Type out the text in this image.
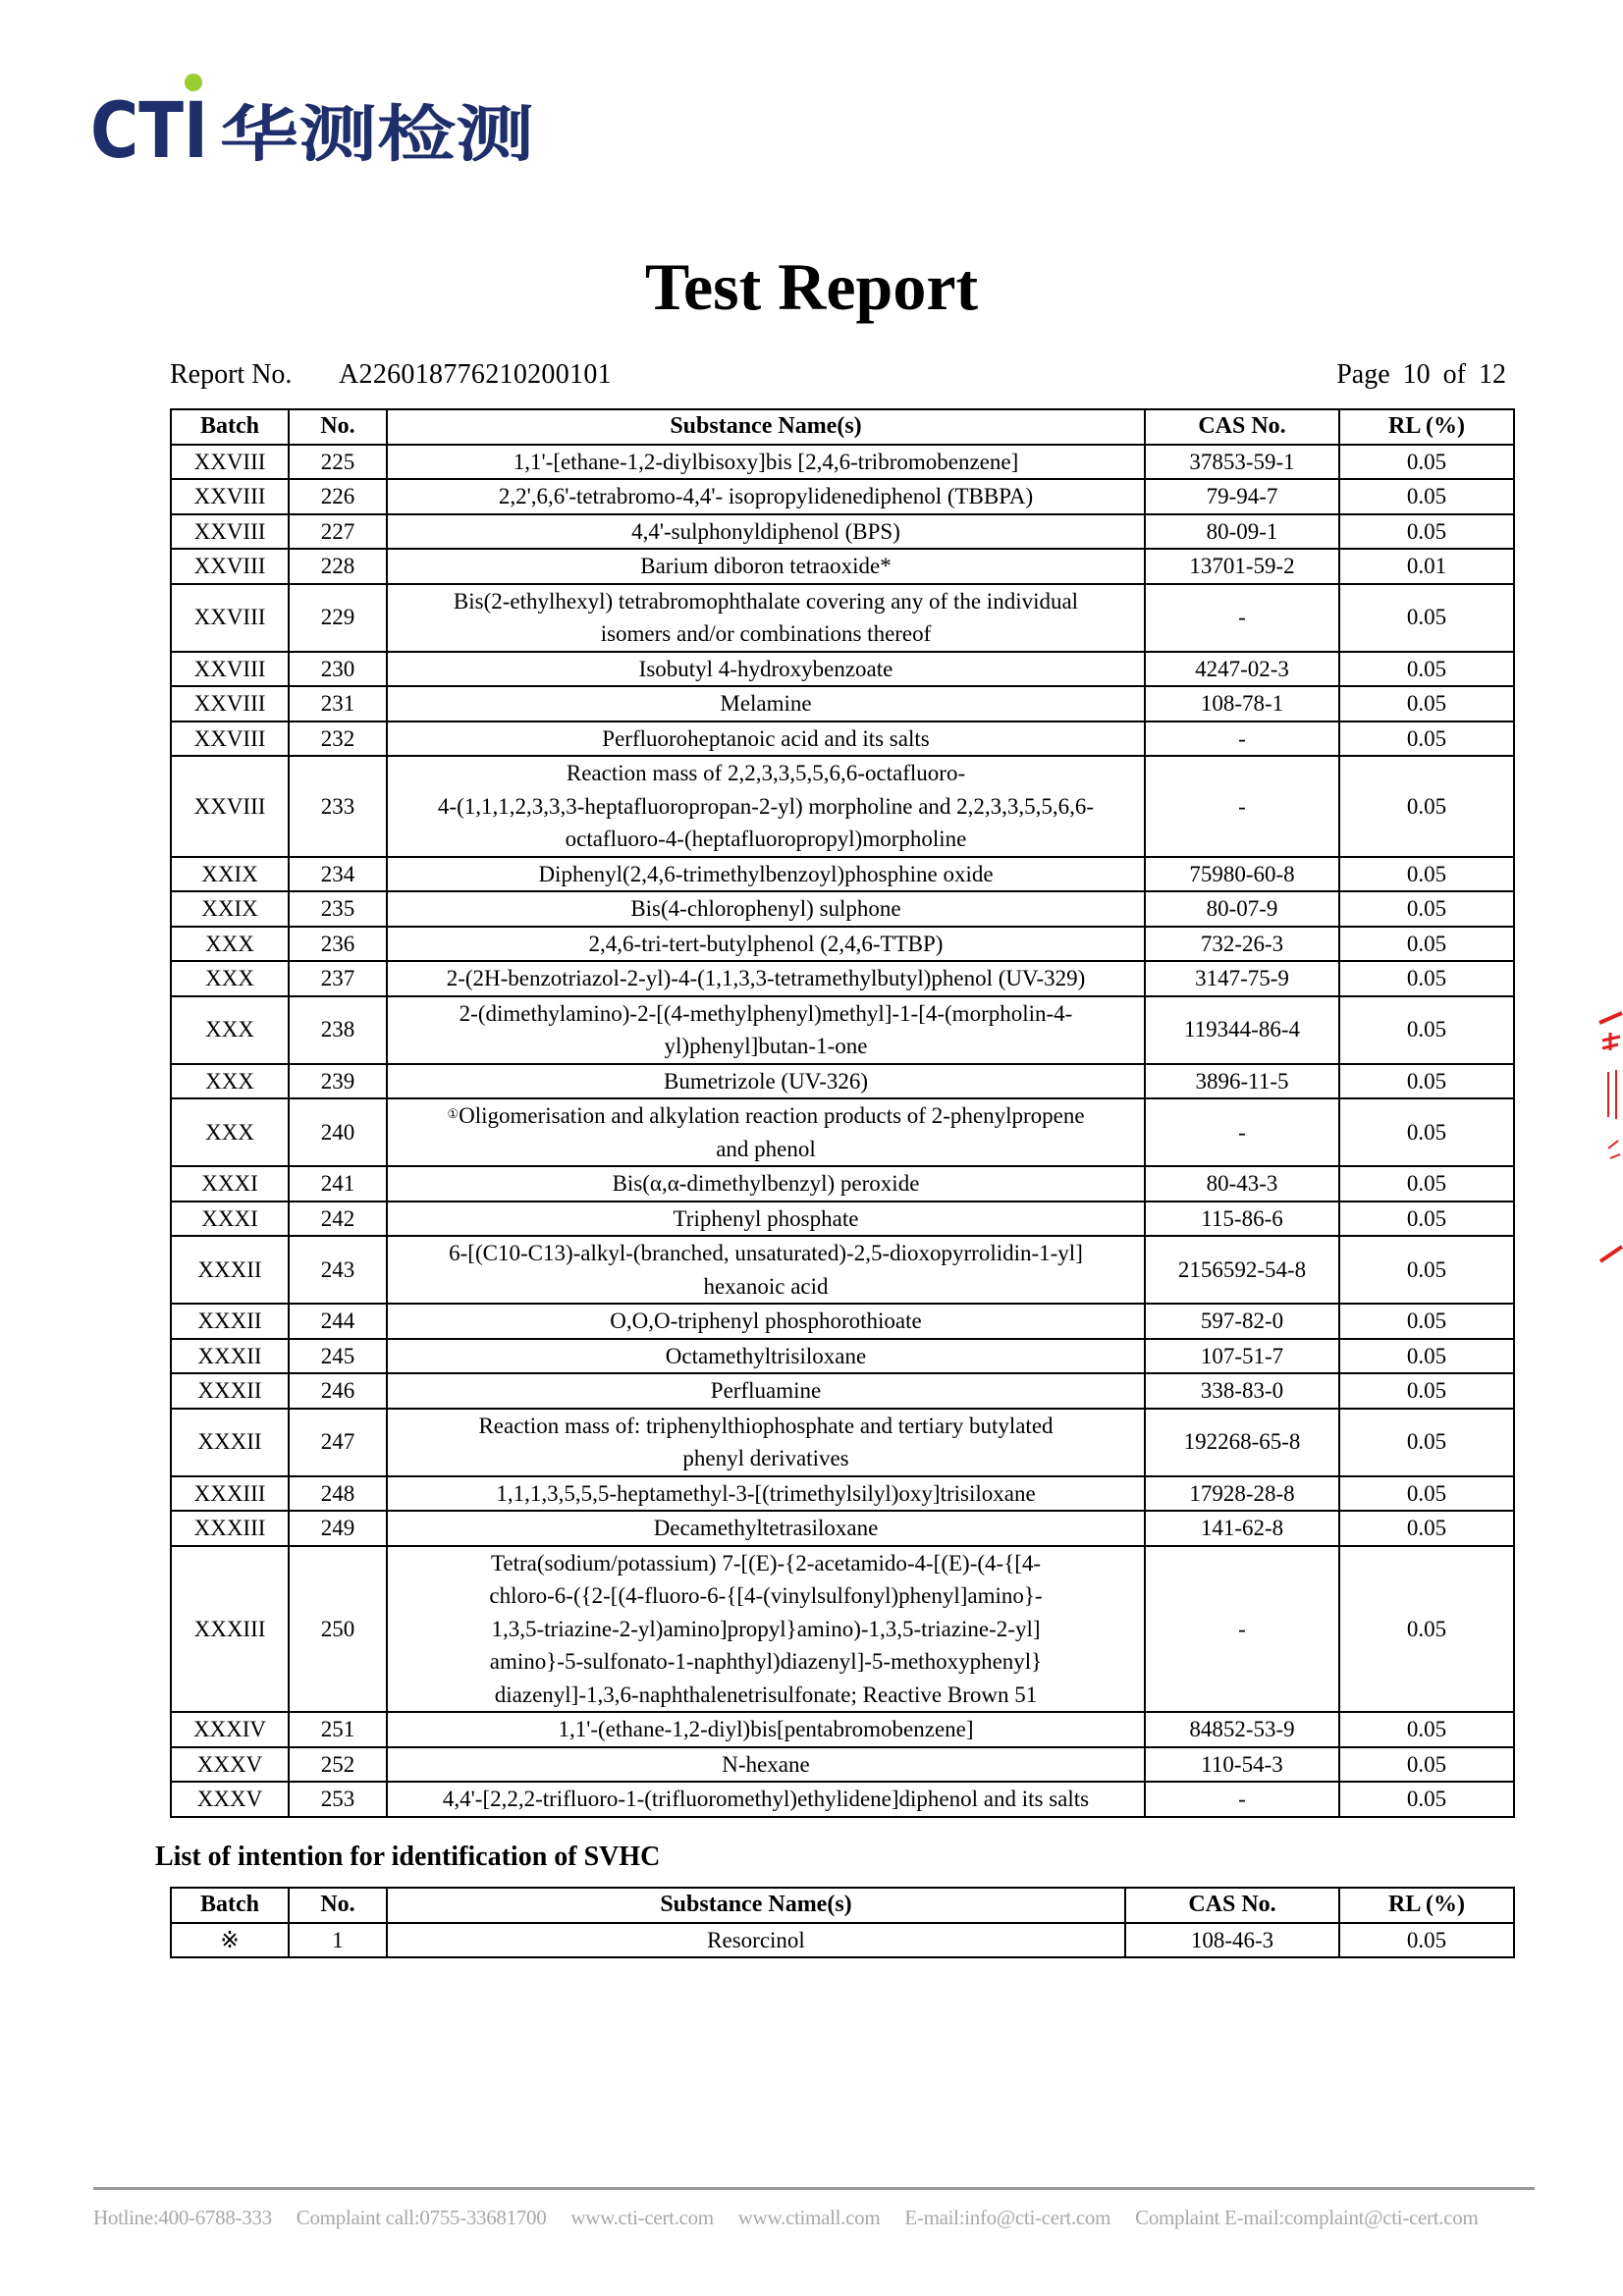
CTI 华测检测
Test Report
Report No. A226018776210200101	Page 10 of 12
Batch	No.	Substance Name(s)	CAS No.	RL (%)
XXVIII	225	1,1'-[ethane-1,2-diylbisoxy]bis [2,4,6-tribromobenzene]	37853-59-1	0.05
XXVIII	226	2,2',6,6'-tetrabromo-4,4'- isopropylidenediphenol (TBBPA)	79-94-7	0.05
XXVIII	227	4,4'-sulphonyldiphenol (BPS)	80-09-1	0.05
XXVIII	228	Barium diboron tetraoxide*	13701-59-2	0.01
XXVIII	229	Bis(2-ethylhexyl) tetrabromophthalate covering any of the individual
isomers and/or combinations thereof	-	0.05
XXVIII	230	Isobutyl 4-hydroxybenzoate	4247-02-3	0.05
XXVIII	231	Melamine	108-78-1	0.05
XXVIII	232	Perfluoroheptanoic acid and its salts	-	0.05
XXVIII	233	Reaction mass of 2,2,3,3,5,5,6,6-octafluoro-
4-(1,1,1,2,3,3,3-heptafluoropropan-2-yl) morpholine and 2,2,3,3,5,5,6,6-
octafluoro-4-(heptafluoropropyl)morpholine	-	0.05
XXIX	234	Diphenyl(2,4,6-trimethylbenzoyl)phosphine oxide	75980-60-8	0.05
XXIX	235	Bis(4-chlorophenyl) sulphone	80-07-9	0.05
XXX	236	2,4,6-tri-tert-butylphenol (2,4,6-TTBP)	732-26-3	0.05
XXX	237	2-(2H-benzotriazol-2-yl)-4-(1,1,3,3-tetramethylbutyl)phenol (UV-329)	3147-75-9	0.05
XXX	238	2-(dimethylamino)-2-[(4-methylphenyl)methyl]-1-[4-(morpholin-4-
yl)phenyl]butan-1-one	119344-86-4	0.05
XXX	239	Bumetrizole (UV-326)	3896-11-5	0.05
XXX	240	①Oligomerisation and alkylation reaction products of 2-phenylpropene
and phenol	-	0.05
XXXI	241	Bis(α,α-dimethylbenzyl) peroxide	80-43-3	0.05
XXXI	242	Triphenyl phosphate	115-86-6	0.05
XXXII	243	6-[(C10-C13)-alkyl-(branched, unsaturated)-2,5-dioxopyrrolidin-1-yl]
hexanoic acid	2156592-54-8	0.05
XXXII	244	O,O,O-triphenyl phosphorothioate	597-82-0	0.05
XXXII	245	Octamethyltrisiloxane	107-51-7	0.05
XXXII	246	Perfluamine	338-83-0	0.05
XXXII	247	Reaction mass of: triphenylthiophosphate and tertiary butylated
phenyl derivatives	192268-65-8	0.05
XXXIII	248	1,1,1,3,5,5,5-heptamethyl-3-[(trimethylsilyl)oxy]trisiloxane	17928-28-8	0.05
XXXIII	249	Decamethyltetrasiloxane	141-62-8	0.05
XXXIII	250	Tetra(sodium/potassium) 7-[(E)-{2-acetamido-4-[(E)-(4-{[4-
chloro-6-({2-[(4-fluoro-6-{[4-(vinylsulfonyl)phenyl]amino}-
1,3,5-triazine-2-yl)amino]propyl}amino)-1,3,5-triazine-2-yl]
amino}-5-sulfonato-1-naphthyl)diazenyl]-5-methoxyphenyl}
diazenyl]-1,3,6-naphthalenetrisulfonate; Reactive Brown 51	-	0.05
XXXIV	251	1,1'-(ethane-1,2-diyl)bis[pentabromobenzene]	84852-53-9	0.05
XXXV	252	N-hexane	110-54-3	0.05
XXXV	253	4,4'-[2,2,2-trifluoro-1-(trifluoromethyl)ethylidene]diphenol and its salts	-	0.05
List of intention for identification of SVHC
Batch	No.	Substance Name(s)	CAS No.	RL (%)
※	1	Resorcinol	108-46-3	0.05
Hotline:400-6788-333 Complaint call:0755-33681700 www.cti-cert.com www.ctimall.com E-mail:info@cti-cert.com Complaint E-mail:complaint@cti-cert.com
